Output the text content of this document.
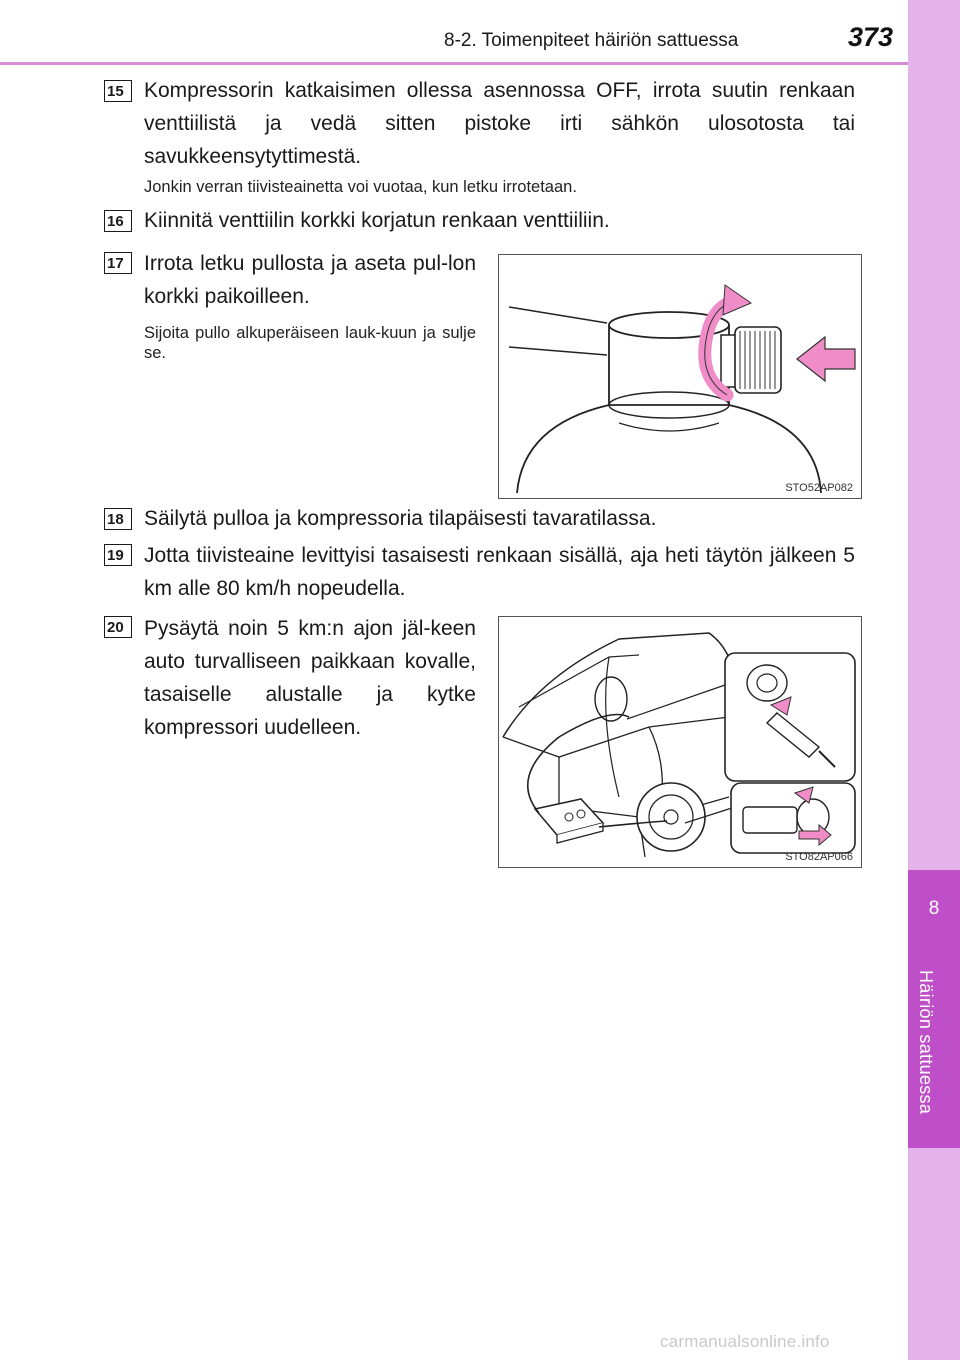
8-2. Toimenpiteet häiriön sattuessa	373
8
Häiriön sattuessa
15 Kompressorin katkaisimen ollessa asennossa OFF, irrota suutin renkaan venttiilistä ja vedä sitten pistoke irti sähkön ulosotosta tai savukkeensytyttimestä.
Jonkin verran tiivisteainetta voi vuotaa, kun letku irrotetaan.
16 Kiinnitä venttiilin korkki korjatun renkaan venttiiliin.
17 Irrota letku pullosta ja aseta pul-lon korkki paikoilleen.
Sijoita pullo alkuperäiseen lauk-kuun ja sulje se.
STO52AP082
18 Säilytä pulloa ja kompressoria tilapäisesti tavaratilassa.
19 Jotta tiivisteaine levittyisi tasaisesti renkaan sisällä, aja heti täytön jälkeen 5 km alle 80 km/h nopeudella.
20 Pysäytä noin 5 km:n ajon jäl-keen auto turvalliseen paikkaan kovalle, tasaiselle alustalle ja kytke kompressori uudelleen.
STO82AP066
carmanualsonline.info
